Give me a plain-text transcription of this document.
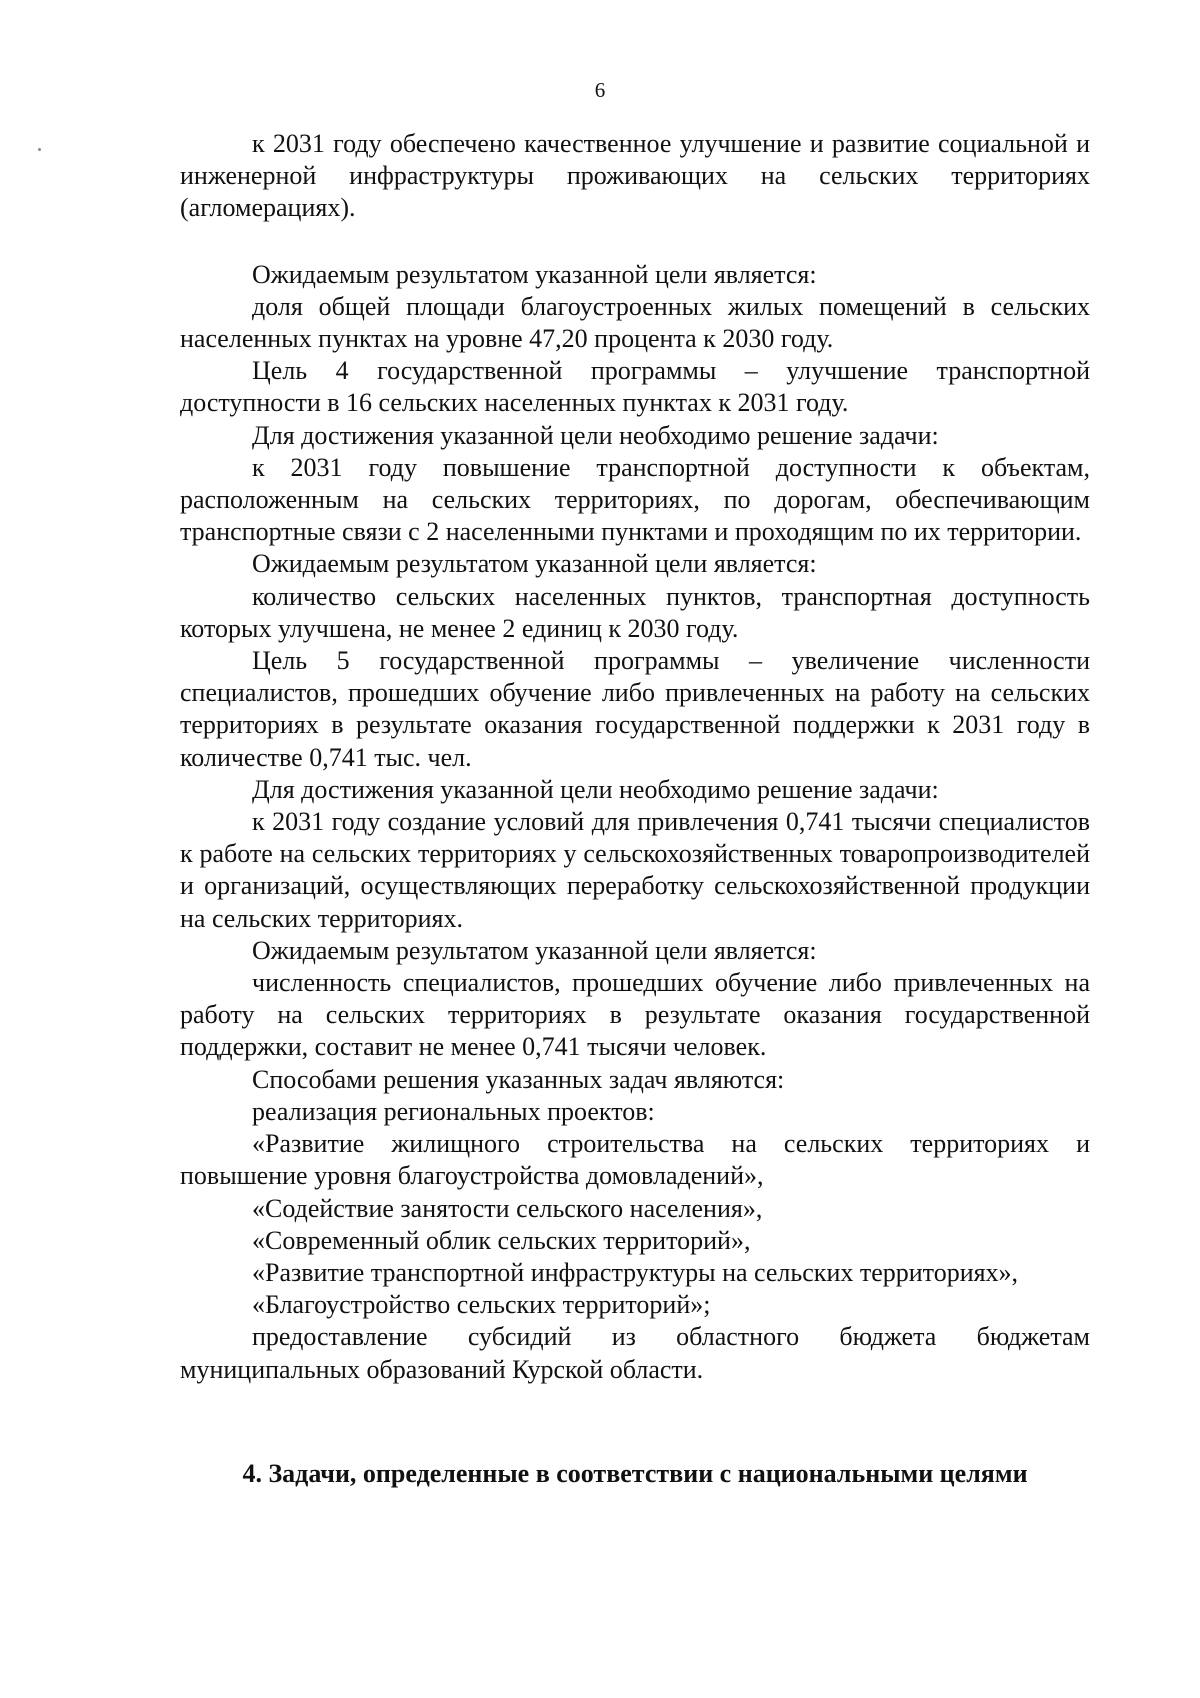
6

к 2031 году обеспечено качественное улучшение и развитие социальной и инженерной инфраструктуры проживающих на сельских территориях (агломерациях).

Ожидаемым результатом указанной цели является:

доля общей площади благоустроенных жилых помещений в сельских населенных пунктах на уровне 47,20 процента к 2030 году.

Цель 4 государственной программы – улучшение транспортной доступности в 16 сельских населенных пунктах к 2031 году.

Для достижения указанной цели необходимо решение задачи:

к 2031 году повышение транспортной доступности к объектам, расположенным на сельских территориях, по дорогам, обеспечивающим транспортные связи с 2 населенными пунктами и проходящим по их территории.

Ожидаемым результатом указанной цели является:

количество сельских населенных пунктов, транспортная доступность которых улучшена, не менее 2 единиц к 2030 году.

Цель 5 государственной программы – увеличение численности специалистов, прошедших обучение либо привлеченных на работу на сельских территориях в результате оказания государственной поддержки к 2031 году в количестве 0,741 тыс. чел.

Для достижения указанной цели необходимо решение задачи:

к 2031 году создание условий для привлечения 0,741 тысячи специалистов к работе на сельских территориях у сельскохозяйственных товаропроизводителей и организаций, осуществляющих переработку сельскохозяйственной продукции на сельских территориях.

Ожидаемым результатом указанной цели является:

численность специалистов, прошедших обучение либо привлеченных на работу на сельских территориях в результате оказания государственной поддержки, составит не менее 0,741 тысячи человек.

Способами решения указанных задач являются:

реализация региональных проектов:

«Развитие жилищного строительства на сельских территориях и повышение уровня благоустройства домовладений»,

«Содействие занятости сельского населения»,

«Современный облик сельских территорий»,

«Развитие транспортной инфраструктуры на сельских территориях»,

«Благоустройство сельских территорий»;

предоставление субсидий из областного бюджета бюджетам муниципальных образований Курской области.

4. Задачи, определенные в соответствии с национальными целями
